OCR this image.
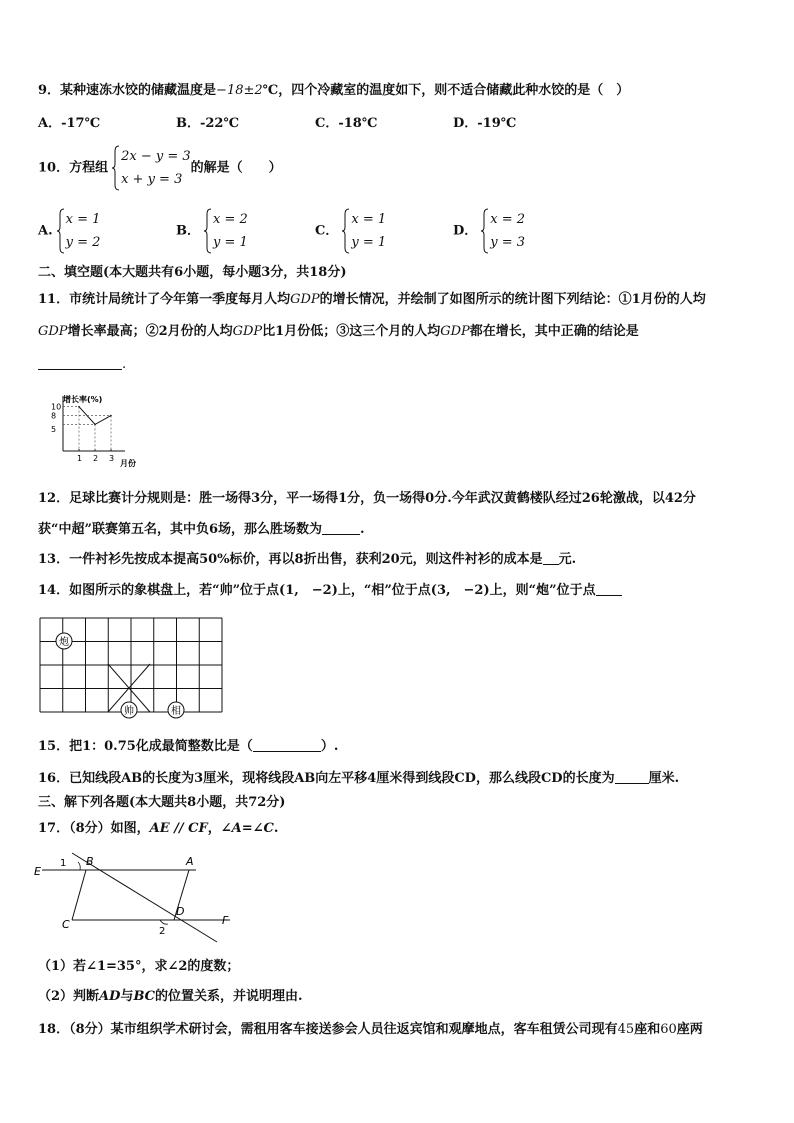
9．某种速冻水饺的储藏温度是−18±2℃，四个冷藏室的温度如下，则不适合储藏此种水饺的是（　）
A．-17℃	B．-22℃	C．-18℃	D．-19℃
10．方程组
2x − y = 3
x + y = 3
的解是（　　）
A.
x = 1
y = 2
B．
x = 2
y = 1
C．
x = 1
y = 1
D．
x = 2
y = 3
二、填空题(本大题共有6小题，每小题3分，共18分)
11．市统计局统计了今年第一季度每月人均GDP的增长情况，并绘制了如图所示的统计图下列结论：①1月份的人均
GDP增长率最高；②2月份的人均GDP比1月份低；③这三个月的人均GDP都在增长，其中正确的结论是
.
增长率(%)
月份
5
8
10
1 2 3
12．足球比赛计分规则是：胜一场得3分，平一场得1分，负一场得0分.今年武汉黄鹤楼队经过26轮激战，以42分
获“中超”联赛第五名，其中负6场，那么胜场数为	.
13．一件衬衫先按成本提高50%标价，再以8折出售，获利20元，则这件衬衫的成本是 元.
14．如图所示的象棋盘上，若“帅”位于点(1,　−2)上，“相”位于点(3,　−2)上，则“炮”位于点
炮
帅	相
15．把1：0.75化成最简整数比是（	）.
16．已知线段AB的长度为3厘米，现将线段AB向左平移4厘米得到线段CD，那么线段CD的长度为	厘米.
三、解下列各题(本大题共8小题，共72分)
17．（8分）如图，AE // CF，∠A=∠C.
E
1 B	A
C
D
F
2
（1）若∠1=35°，求∠2的度数；
（2）判断AD与BC的位置关系，并说明理由.
18．（8分）某市组织学术研讨会，需租用客车接送参会人员往返宾馆和观摩地点，客车租赁公司现有45座和60座两
